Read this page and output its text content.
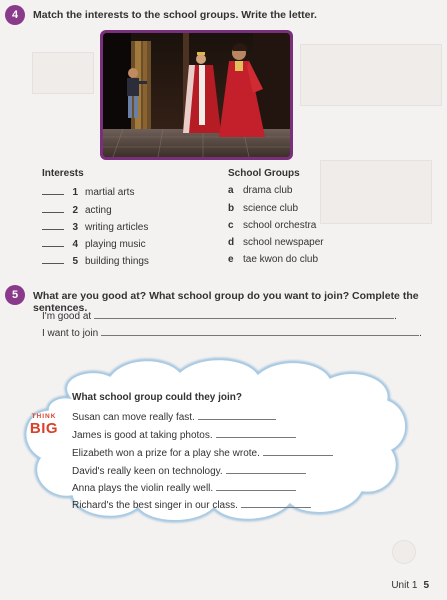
4	Match the interests to the school groups. Write the letter.
Interests	School Groups
1 martial arts
2 acting
3 writing articles
4 playing music
5 building things
a drama club
b science club
c school orchestra
d school newspaper
e tae kwon do club
5	What are you good at? What school group do you want to join? Complete the sentences.
I'm good at	.
I want to join	.
THINK
BIG
What school group could they join?
Susan can move really fast.
James is good at taking photos.
Elizabeth won a prize for a play she wrote.
David's really keen on technology.
Anna plays the violin really well.
Richard's the best singer in our class.
Unit 1 5
